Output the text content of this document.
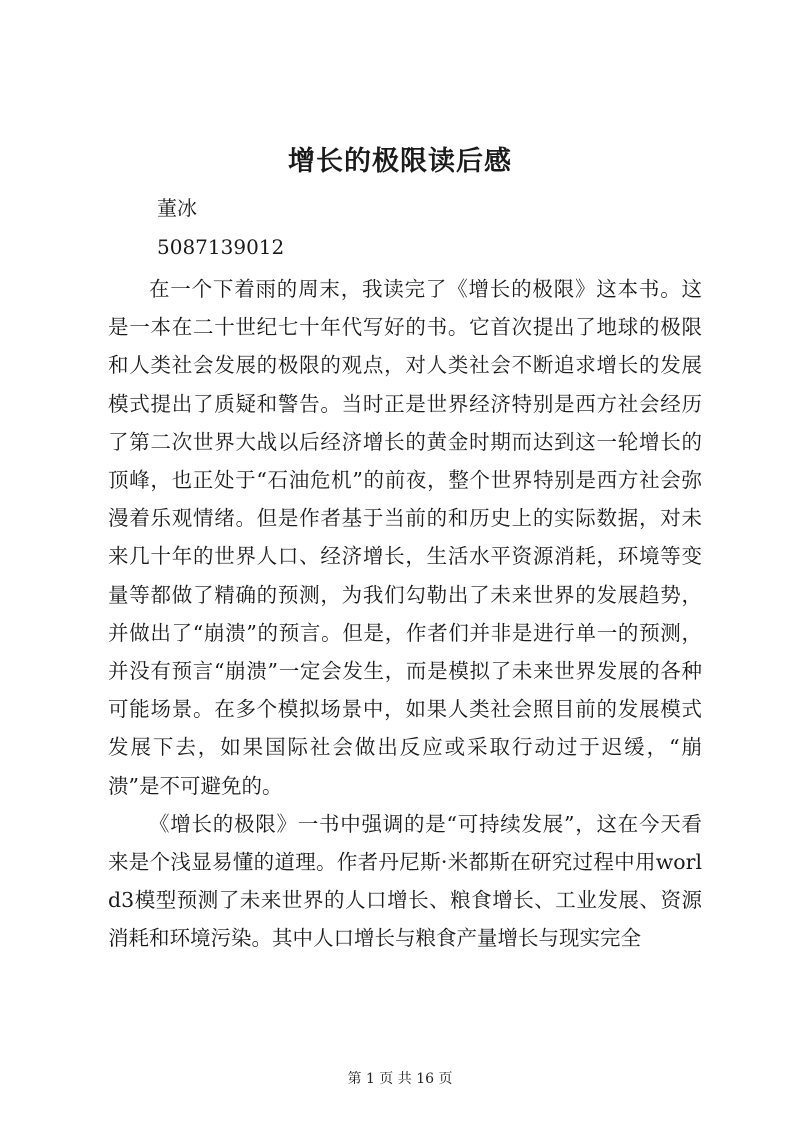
增长的极限读后感

董冰

5087139012

在一个下着雨的周末，我读完了《增长的极限》这本书。这是一本在二十世纪七十年代写好的书。它首次提出了地球的极限和人类社会发展的极限的观点，对人类社会不断追求增长的发展模式提出了质疑和警告。当时正是世界经济特别是西方社会经历了第二次世界大战以后经济增长的黄金时期而达到这一轮增长的顶峰，也正处于“石油危机”的前夜，整个世界特别是西方社会弥漫着乐观情绪。但是作者基于当前的和历史上的实际数据，对未来几十年的世界人口、经济增长，生活水平资源消耗，环境等变量等都做了精确的预测，为我们勾勒出了未来世界的发展趋势，并做出了“崩溃”的预言。但是，作者们并非是进行单一的预测，并没有预言“崩溃”一定会发生，而是模拟了未来世界发展的各种可能场景。在多个模拟场景中，如果人类社会照目前的发展模式发展下去，如果国际社会做出反应或采取行动过于迟缓，“崩溃”是不可避免的。

《增长的极限》一书中强调的是“可持续发展”，这在今天看来是个浅显易懂的道理。作者丹尼斯·米都斯在研究过程中用world3模型预测了未来世界的人口增长、粮食增长、工业发展、资源消耗和环境污染。其中人口增长与粮食产量增长与现实完全

第 1 页 共 16 页
